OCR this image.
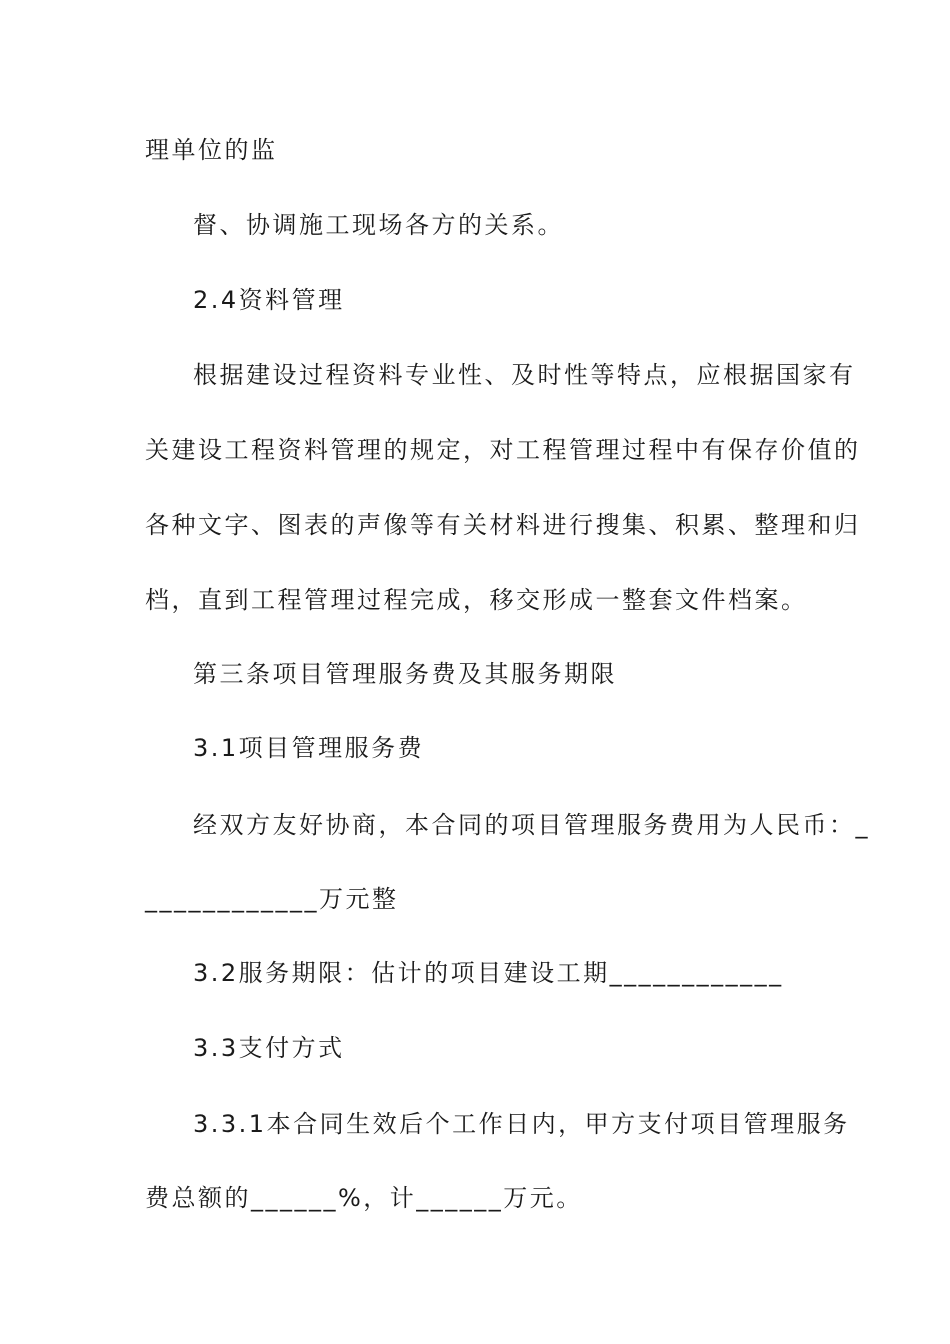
理单位的监
督、协调施工现场各方的关系。
2.4资料管理
根据建设过程资料专业性、及时性等特点，应根据国家有
关建设工程资料管理的规定，对工程管理过程中有保存价值的
各种文字、图表的声像等有关材料进行搜集、积累、整理和归
档，直到工程管理过程完成，移交形成一整套文件档案。
第三条项目管理服务费及其服务期限
3.1项目管理服务费
经双方友好协商，本合同的项目管理服务费用为人民币：_
____________万元整
3.2服务期限：估计的项目建设工期____________
3.3支付方式
3.3.1本合同生效后个工作日内，甲方支付项目管理服务
费总额的______%，计______万元。
